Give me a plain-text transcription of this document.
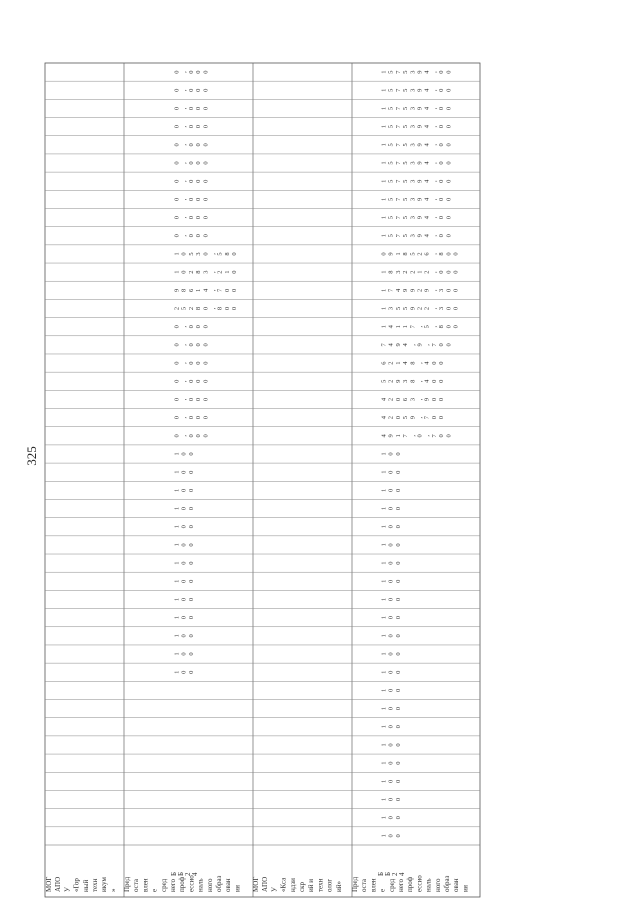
325
1 0 0
1 0 0
1 0 0
1 0 0
1 0 0
1 0 0
1 0 0
1 0 0
1 0 0
1 0 0
1 0 0
1 0 0
1 0 0
0 , 0 0 0
0 , 0 0 0
0 , 0 0 0
0 , 0 0 0
0 , 0 0 0
0 , 0 0 0
0 , 0 0 0
2 5 2 8 0 , 8 0 0
9 8 6 1 4 , 7 0 0
1 0 2 8 3 , 2 1 0
1 0 5 3 0 , 5 8 0
0 , 0 0 0
0 , 0 0 0
0 , 0 0 0
0 , 0 0 0
0 , 0 0 0
0 , 0 0 0
0 , 0 0 0
0 , 0 0 0
0 , 0 0 0
0 , 0 0 0
1 0 0
1 0 0
1 0 0
1 0 0
1 0 0
1 0 0
1 0 0
1 0 0
1 0 0
1 0 0
1 0 0
1 0 0
1 0 0
1 0 0
1 0 0
1 0 0
1 0 0
1 0 0
1 0 0
1 0 0
1 0 0
1 0 0
4 9 1 7 , 0 , 7 0 0
4 2 0 5 9 , 7 0 0
4 2 0 6 3 , 9 0 0
5 2 9 3 8 , 4 0 0
6 2 1 4 8 , 4 0 0
7 4 9 4 , 9 , 7 0 0
1 4 1 1 7 , 5 , 8 0 0
1 3 5 5 9 2 2 , 3 0 0
1 7 4 9 9 2 9 , 3 0 0
1 8 3 2 2 1 2 , 0 0 0
0 9 1 8 5 2 6 , 8 0 0
1 5 7 5 3 9 4 , 0 0
1 5 7 5 3 9 4 , 0 0
1 5 7 5 3 9 4 , 0 0
1 5 7 5 3 9 4 , 0 0
1 5 7 5 3 9 4 , 0 0
1 5 7 5 3 9 4 , 0 0
1 5 7 5 3 9 4 , 0 0
1 5 7 5 3 9 4 , 0 0
1 5 7 5 3 9 4 , 0 0
1 5 7 5 3 9 4 , 0 0
МОГ АПО У «Гор ный техн икум » Пред оста влен е сред него проф ессио наль ного образ ован ия МОГ АПО У «Кса ндзи скр ий и техн олог ий» Пред оста влен е сред него проф ессио наль ного образ ован ия
Б Б 2 4	Б Б 2 4
